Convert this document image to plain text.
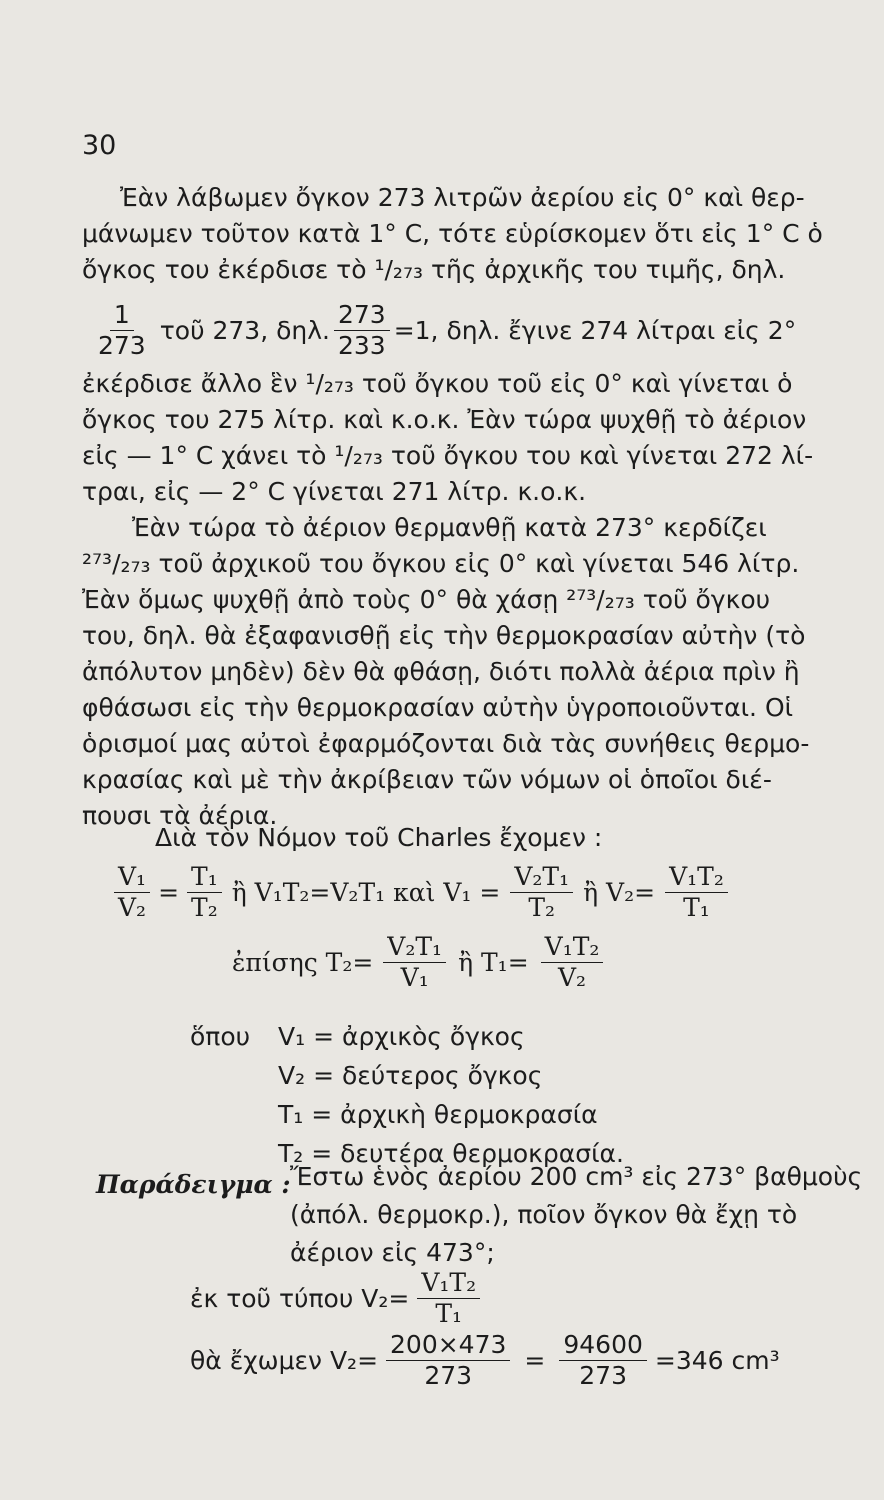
30
Ἐὰν λάβωμεν ὄγκον 273 λιτρῶν ἀερίου εἰς 0° καὶ θερ-
μάνωμεν τοῦτον κατὰ 1° C, τότε εὑρίσκομεν ὅτι εἰς 1° C ὁ
ὄγκος του ἐκέρδισε τὸ ¹/₂₇₃ τῆς ἀρχικῆς του τιμῆς, δηλ.
$\frac{1}{273}$ τοῦ 273, δηλ. $\frac{273}{233} =1$, δηλ. ἔγινε 274 λίτραι εἰς 2°
ἐκέρδισε ἄλλο ἓν ¹/₂₇₃ τοῦ ὄγκου τοῦ εἰς 0° καὶ γίνεται ὁ
ὄγκος του 275 λίτρ. καὶ κ.ο.κ. Ἐὰν τώρα ψυχθῇ τὸ ἀέριον
εἰς — 1° C χάνει τὸ ¹/₂₇₃ τοῦ ὄγκου του καὶ γίνεται 272 λί-
τραι, εἰς — 2° C γίνεται 271 λίτρ. κ.ο.κ.
Ἐὰν τώρα τὸ ἀέριον θερμανθῇ κατὰ 273° κερδίζει
²⁷³/₂₇₃ τοῦ ἀρχικοῦ του ὄγκου εἰς 0° καὶ γίνεται 546 λίτρ.
Ἐὰν ὅμως ψυχθῇ ἀπὸ τοὺς 0° θὰ χάσῃ ²⁷³/₂₇₃ τοῦ ὄγκου
του, δηλ. θὰ ἐξαφανισθῇ εἰς τὴν θερμοκρασίαν αὐτὴν (τὸ
ἀπόλυτον μηδὲν) δὲν θὰ φθάσῃ, διότι πολλὰ ἀέρια πρὶν ἢ
φθάσωσι εἰς τὴν θερμοκρασίαν αὐτὴν ὑγροποιοῦνται. Οἱ
ὁρισμοί μας αὐτοὶ ἐφαρμόζονται διὰ τὰς συνήθεις θερμο-
κρασίας καὶ μὲ τὴν ἀκρίβειαν τῶν νόμων οἱ ὁποῖοι διέ-
πουσι τὰ ἀέρια.
Διὰ τὸν Νόμον τοῦ Charles ἔχομεν :
$\frac{\text{V₁}}{\text{V₂}} = \frac{\text{T₁}}{\text{T₂}}$ ἢ V₁T₂=V₂T₁ καὶ $V_1 = \frac{\text{V₂T₁}}{\text{T₂}}$ ἢ $V_2= \frac{\text{V₁T₂}}{\text{T₁}}$
ἐπίσης $T_2= \frac{\text{V₂T₁}}{\text{V₁}}$ ἢ $T_1= \frac{\text{V₁T₂}}{\text{V₂}}$
ὅπου V₁ = ἀρχικὸς ὄγκος
V₂ = δεύτερος ὄγκος
T₁ = ἀρχικὴ θερμοκρασία
T₂ = δευτέρα θερμοκρασία.
Παράδειγμα : Ἔστω ἑνὸς ἀερίου 200 cm³ εἰς 273° βαθμοὺς
(ἀπόλ. θερμοκρ.), ποῖον ὄγκον θὰ ἔχῃ τὸ
ἀέριον εἰς 473°;
ἐκ τοῦ τύπου $V_2= \frac{\text{V₁T₂}}{\text{T₁}}$
θὰ ἔχωμεν $V_2= \frac{200\times 473}{273} = \frac{94600}{273} =346$ cm³
